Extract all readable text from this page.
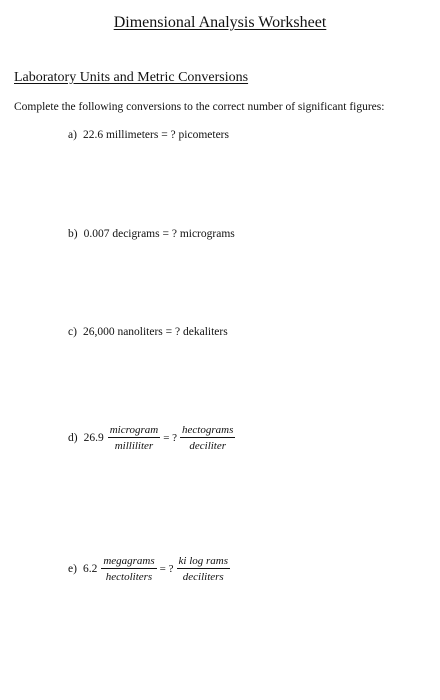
Dimensional Analysis Worksheet
Laboratory Units and Metric Conversions
Complete the following conversions to the correct number of significant figures:
a) 22.6 millimeters = ? picometers
b) 0.007 decigrams = ? micrograms
c) 26,000 nanoliters = ? dekaliters
d) $26.9 \frac{\text{microgram}}{\text{milliliter}}$ = ? $\frac{\text{hectograms}}{\text{deciliter}}$
e) $6.2 \frac{\text{megagrams}}{\text{hectoliters}}$ = ? $\frac{\text{ki log rams}}{\text{deciliters}}$
